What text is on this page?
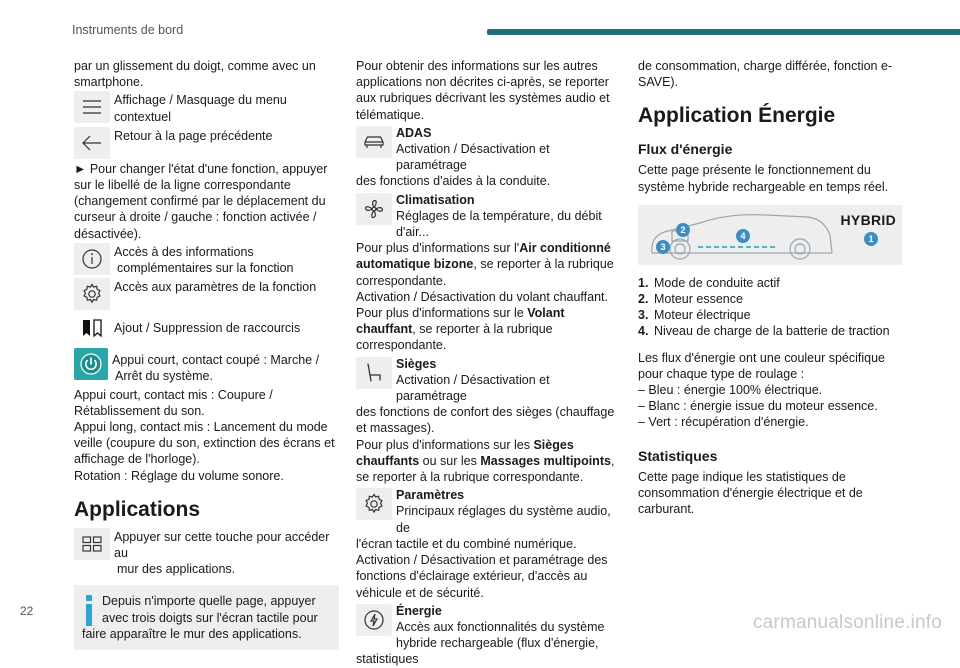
Instruments de bord

par un glissement du doigt, comme avec un smartphone.

Affichage / Masquage du menu contextuel
Retour à la page précédente

► Pour changer l'état d'une fonction, appuyer sur le libellé de la ligne correspondante (changement confirmé par le déplacement du curseur à droite / gauche : fonction activée / désactivée).

Accès à des informations
complémentaires sur la fonction
Accès aux paramètres de la fonction
Ajout / Suppression de raccourcis
Appui court, contact coupé : Marche /
Arrêt du système.

Appui court, contact mis : Coupure / Rétablissement du son.

Appui long, contact mis : Lancement du mode veille (coupure du son, extinction des écrans et affichage de l'horloge).

Rotation : Réglage du volume sonore.

Applications
Appuyer sur cette touche pour accéder au
mur des applications.
Depuis n'importe quelle page, appuyer
avec trois doigts sur l'écran tactile pour
faire apparaître le mur des applications.

Pour obtenir des informations sur les autres applications non décrites ci-après, se reporter aux rubriques décrivant les systèmes audio et télématique.

ADAS
Activation / Désactivation et paramétrage
des fonctions d'aides à la conduite.
Climatisation
Réglages de la température, du débit
d'air...

Pour plus d'informations sur l'Air conditionné automatique bizone, se reporter à la rubrique correspondante.

Activation / Désactivation du volant chauffant.

Pour plus d'informations sur le Volant chauffant, se reporter à la rubrique correspondante.

Sièges
Activation / Désactivation et paramétrage
des fonctions de confort des sièges (chauffage et massages).

Pour plus d'informations sur les Sièges chauffants ou sur les Massages multipoints, se reporter à la rubrique correspondante.

Paramètres
Principaux réglages du système audio, de
l'écran tactile et du combiné numérique.

Activation / Désactivation et paramétrage des fonctions d'éclairage extérieur, d'accès au véhicule et de sécurité.

Énergie
Accès aux fonctionnalités du système
hybride rechargeable (flux d'énergie, statistiques

de consommation, charge différée, fonction e-SAVE).

Application Énergie
Flux d'énergie

Cette page présente le fonctionnement du système hybride rechargeable en temps réel.

HYBRID
1
2
3
4
1. Mode de conduite actif
2. Moteur essence
3. Moteur électrique
4. Niveau de charge de la batterie de traction

Les flux d'énergie ont une couleur spécifique pour chaque type de roulage :

– Bleu : énergie 100% électrique.
– Blanc : énergie issue du moteur essence.
– Vert : récupération d'énergie.
Statistiques

Cette page indique les statistiques de consommation d'énergie électrique et de carburant.

22
carmanualsonline.info
